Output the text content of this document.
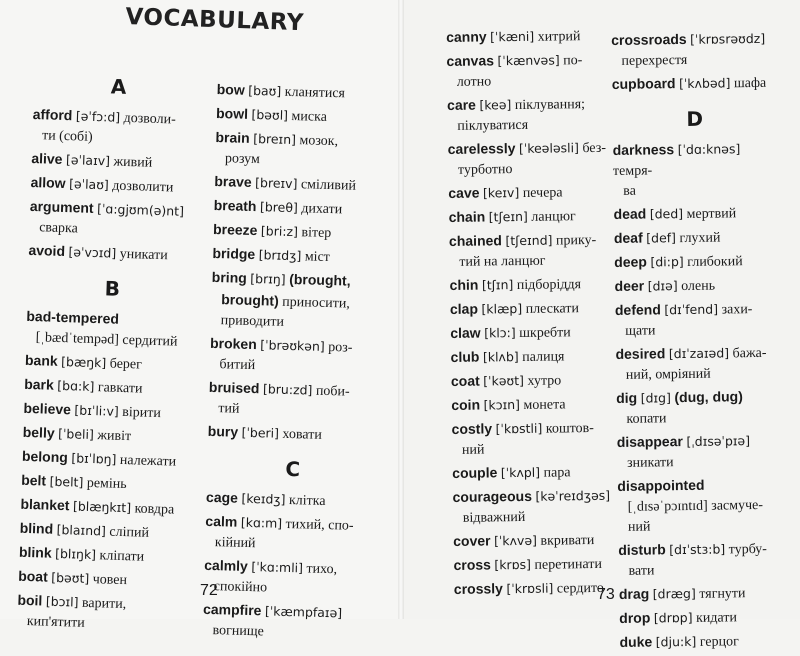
VOCABULARY
A
afford [əˈfɔ:d] дозволи-
ти (собі)
alive [əˈlaɪv] живий
allow [əˈlaʊ] дозволити
argument [ˈɑ:gjʊm(ə)nt]
сварка
avoid [əˈvɔɪd] уникати
B
bad-tempered
[ˌbædˈtempəd] сердитий
bank [bæŋk] берег
bark [bɑ:k] гавкати
believe [bɪˈli:v] вірити
belly [ˈbeli] живіт
belong [bɪˈlɒŋ] належати
belt [belt] ремінь
blanket [blæŋkɪt] ковдра
blind [blaɪnd] сліпий
blink [blɪŋk] кліпати
boat [bəʊt] човен
boil [bɔɪl] варити,
кип'ятити
bow [baʊ] кланятися
bowl [bəʊl] миска
brain [breɪn] мозок,
розум
brave [breɪv] сміливий
breath [breθ] дихати
breeze [bri:z] вітер
bridge [brɪdʒ] міст
bring [brɪŋ] (brought,
brought) приносити,
приводити
broken [ˈbrəʊkən] роз-
битий
bruised [bru:zd] поби-
тий
bury [ˈberi] ховати
C
cage [keɪdʒ] клітка
calm [kɑ:m] тихий, спо-
кійний
calmly [ˈkɑ:mli] тихо,
спокійно
campfire [ˈkæmpfaɪə]
вогнище
canny [ˈkæni] хитрий
canvas [ˈkænvəs] по-
лотно
care [keə] піклування;
піклуватися
carelessly [ˈkeələsli] без-
турботно
cave [keɪv] печера
chain [tʃeɪn] ланцюг
chained [tʃeɪnd] прику-
тий на ланцюг
chin [tʃɪn] підборіддя
clap [klæp] плескати
claw [klɔ:] шкребти
club [klʌb] палиця
coat [ˈkəʊt] хутро
coin [kɔɪn] монета
costly [ˈkɒstli] коштов-
ний
couple [ˈkʌpl] пара
courageous [kəˈreɪdʒəs]
відважний
cover [ˈkʌvə] вкривати
cross [krɒs] перетинати
crossly [ˈkrɒsli] сердито
crossroads [ˈkrɒsrəʊdz]
перехрестя
cupboard [ˈkʌbəd] шафа
D
darkness [ˈdɑ:knəs] темря-
ва
dead [ded] мертвий
deaf [def] глухий
deep [di:p] глибокий
deer [dɪə] олень
defend [dɪˈfend] захи-
щати
desired [dɪˈzaɪəd] бажа-
ний, омріяний
dig [dɪg] (dug, dug)
копати
disappear [ˌdɪsəˈpɪə]
зникати
disappointed
[ˌdɪsəˈpɔɪntɪd] засмуче-
ний
disturb [dɪˈstɜ:b] турбу-
вати
drag [dræg] тягнути
drop [drɒp] кидати
duke [dju:k] герцог
72	73
